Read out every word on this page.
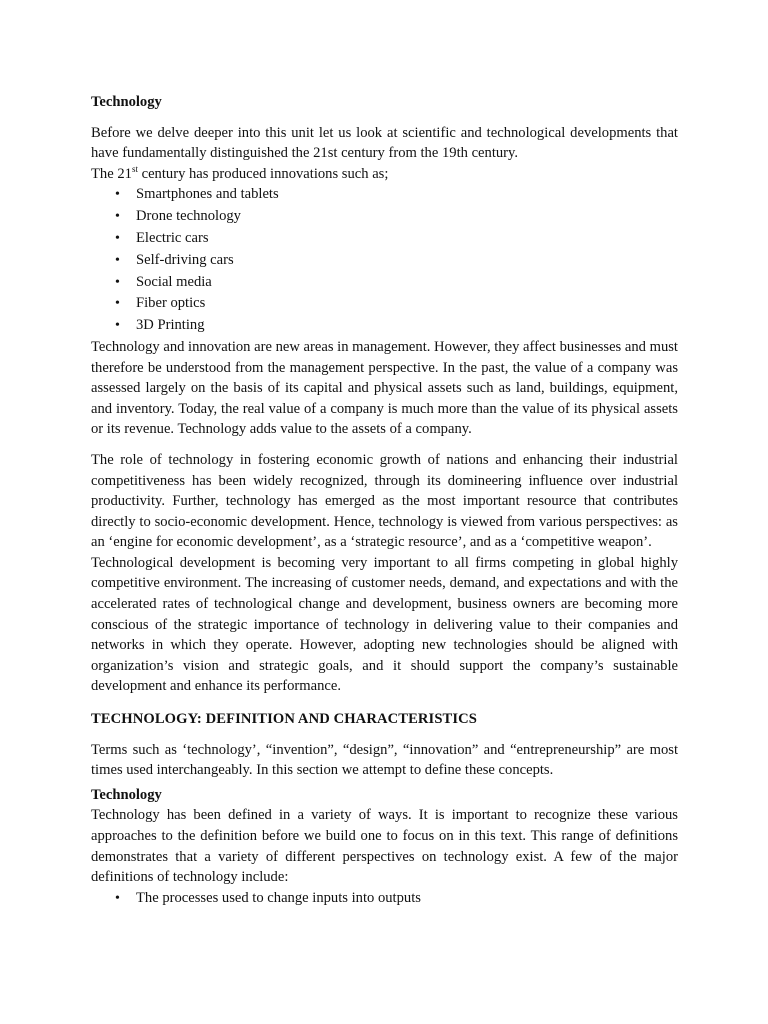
Technology

Before we delve deeper into this unit let us look at scientific and technological developments that have fundamentally distinguished the 21st century from the 19th century.

The 21st century has produced innovations such as;

• Smartphones and tablets
• Drone technology
• Electric cars
• Self-driving cars
• Social media
• Fiber optics
• 3D Printing

Technology and innovation are new areas in management. However, they affect businesses and must therefore be understood from the management perspective. In the past, the value of a company was assessed largely on the basis of its capital and physical assets such as land, buildings, equipment, and inventory. Today, the real value of a company is much more than the value of its physical assets or its revenue. Technology adds value to the assets of a company.

The role of technology in fostering economic growth of nations and enhancing their industrial competitiveness has been widely recognized, through its domineering influence over industrial productivity. Further, technology has emerged as the most important resource that contributes directly to socio-economic development. Hence, technology is viewed from various perspectives: as an ‘engine for economic development’, as a ‘strategic resource’, and as a ‘competitive weapon’.

Technological development is becoming very important to all firms competing in global highly competitive environment. The increasing of customer needs, demand, and expectations and with the accelerated rates of technological change and development, business owners are becoming more conscious of the strategic importance of technology in delivering value to their companies and networks in which they operate. However, adopting new technologies should be aligned with organization’s vision and strategic goals, and it should support the company’s sustainable development and enhance its performance.

TECHNOLOGY: DEFINITION AND CHARACTERISTICS

Terms such as ‘technology’, “invention”, “design”, “innovation” and “entrepreneurship” are most times used interchangeably. In this section we attempt to define these concepts.

Technology

Technology has been defined in a variety of ways. It is important to recognize these various approaches to the definition before we build one to focus on in this text. This range of definitions demonstrates that a variety of different perspectives on technology exist. A few of the major definitions of technology include:

• The processes used to change inputs into outputs
